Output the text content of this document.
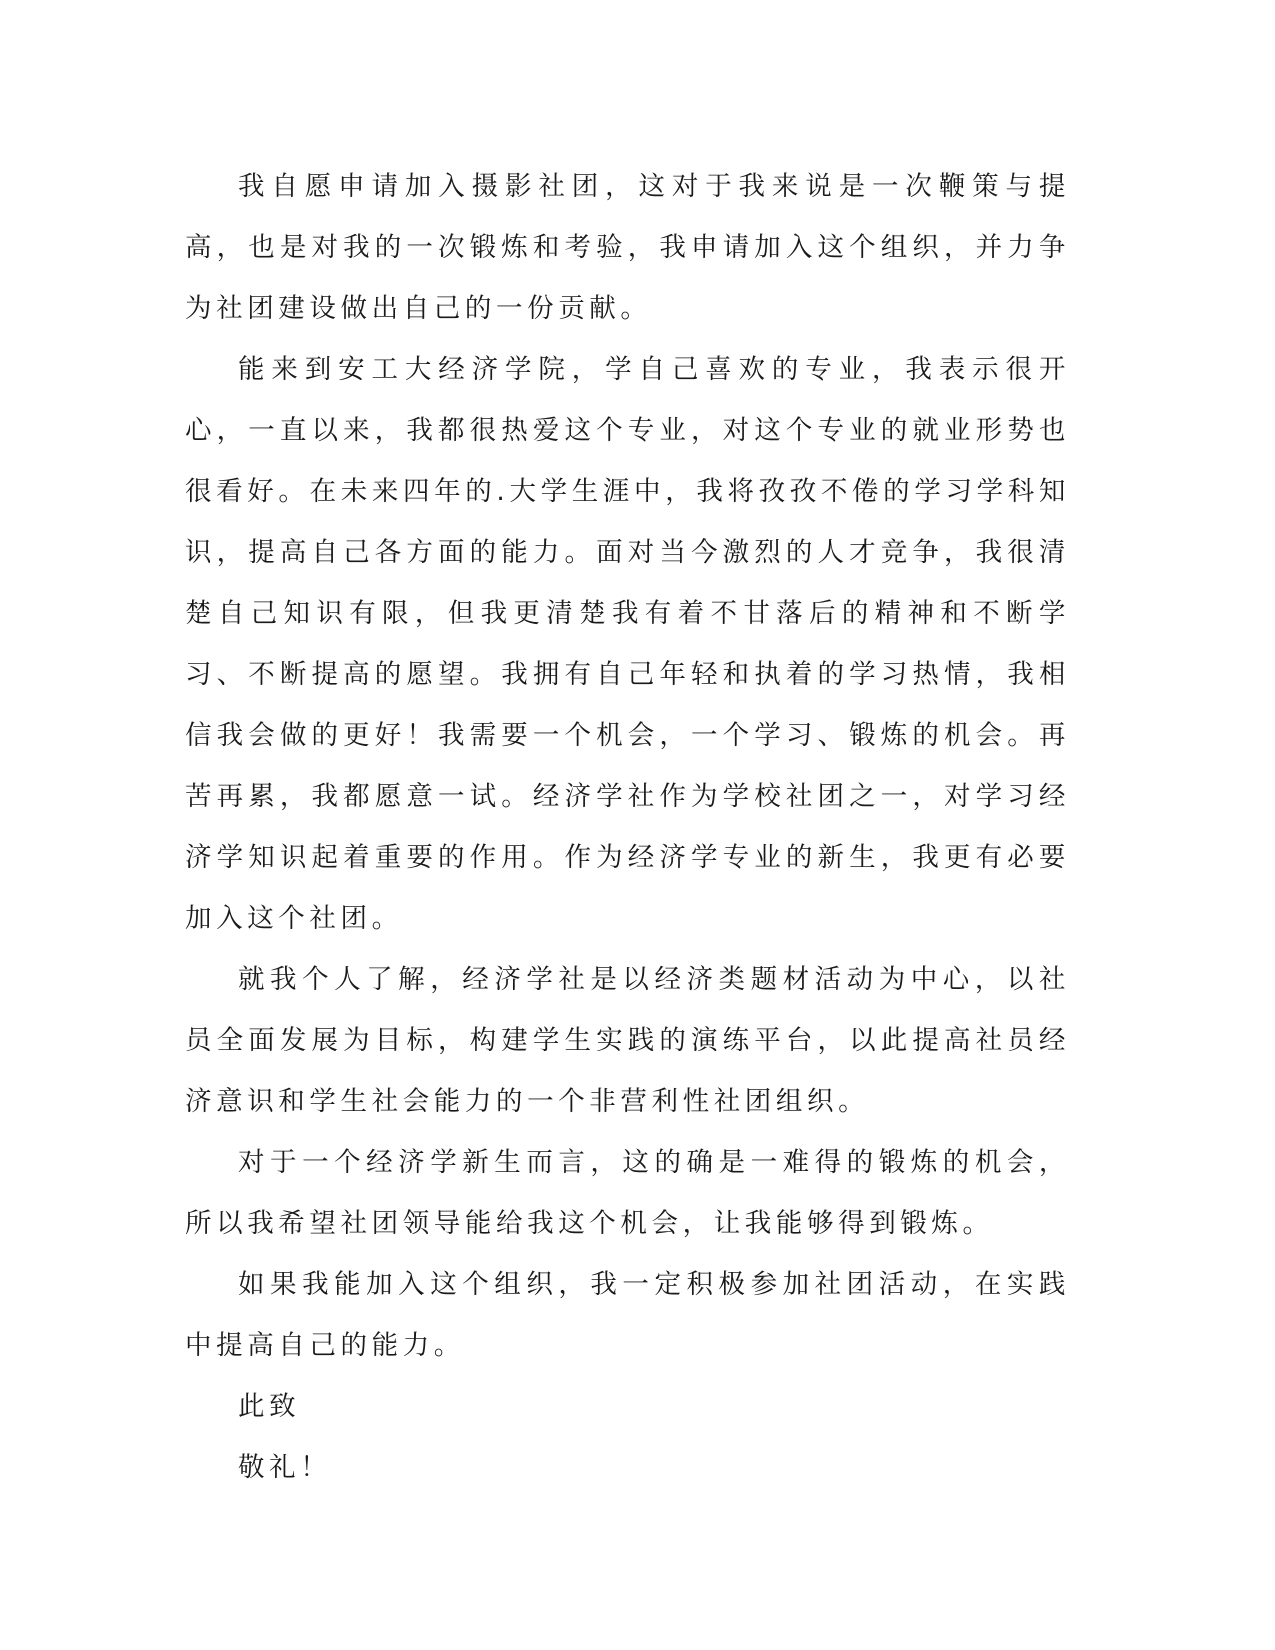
我自愿申请加入摄影社团，这对于我来说是一次鞭策与提高，也是对我的一次锻炼和考验，我申请加入这个组织，并力争为社团建设做出自己的一份贡献。

能来到安工大经济学院，学自己喜欢的专业，我表示很开心，一直以来，我都很热爱这个专业，对这个专业的就业形势也很看好。在未来四年的.大学生涯中，我将孜孜不倦的学习学科知识，提高自己各方面的能力。面对当今激烈的人才竞争，我很清楚自己知识有限，但我更清楚我有着不甘落后的精神和不断学习、不断提高的愿望。我拥有自己年轻和执着的学习热情，我相信我会做的更好！我需要一个机会，一个学习、锻炼的机会。再苦再累，我都愿意一试。经济学社作为学校社团之一，对学习经济学知识起着重要的作用。作为经济学专业的新生，我更有必要加入这个社团。

就我个人了解，经济学社是以经济类题材活动为中心，以社员全面发展为目标，构建学生实践的演练平台，以此提高社员经济意识和学生社会能力的一个非营利性社团组织。

对于一个经济学新生而言，这的确是一难得的锻炼的机会，所以我希望社团领导能给我这个机会，让我能够得到锻炼。

如果我能加入这个组织，我一定积极参加社团活动，在实践中提高自己的能力。

此致

敬礼！
